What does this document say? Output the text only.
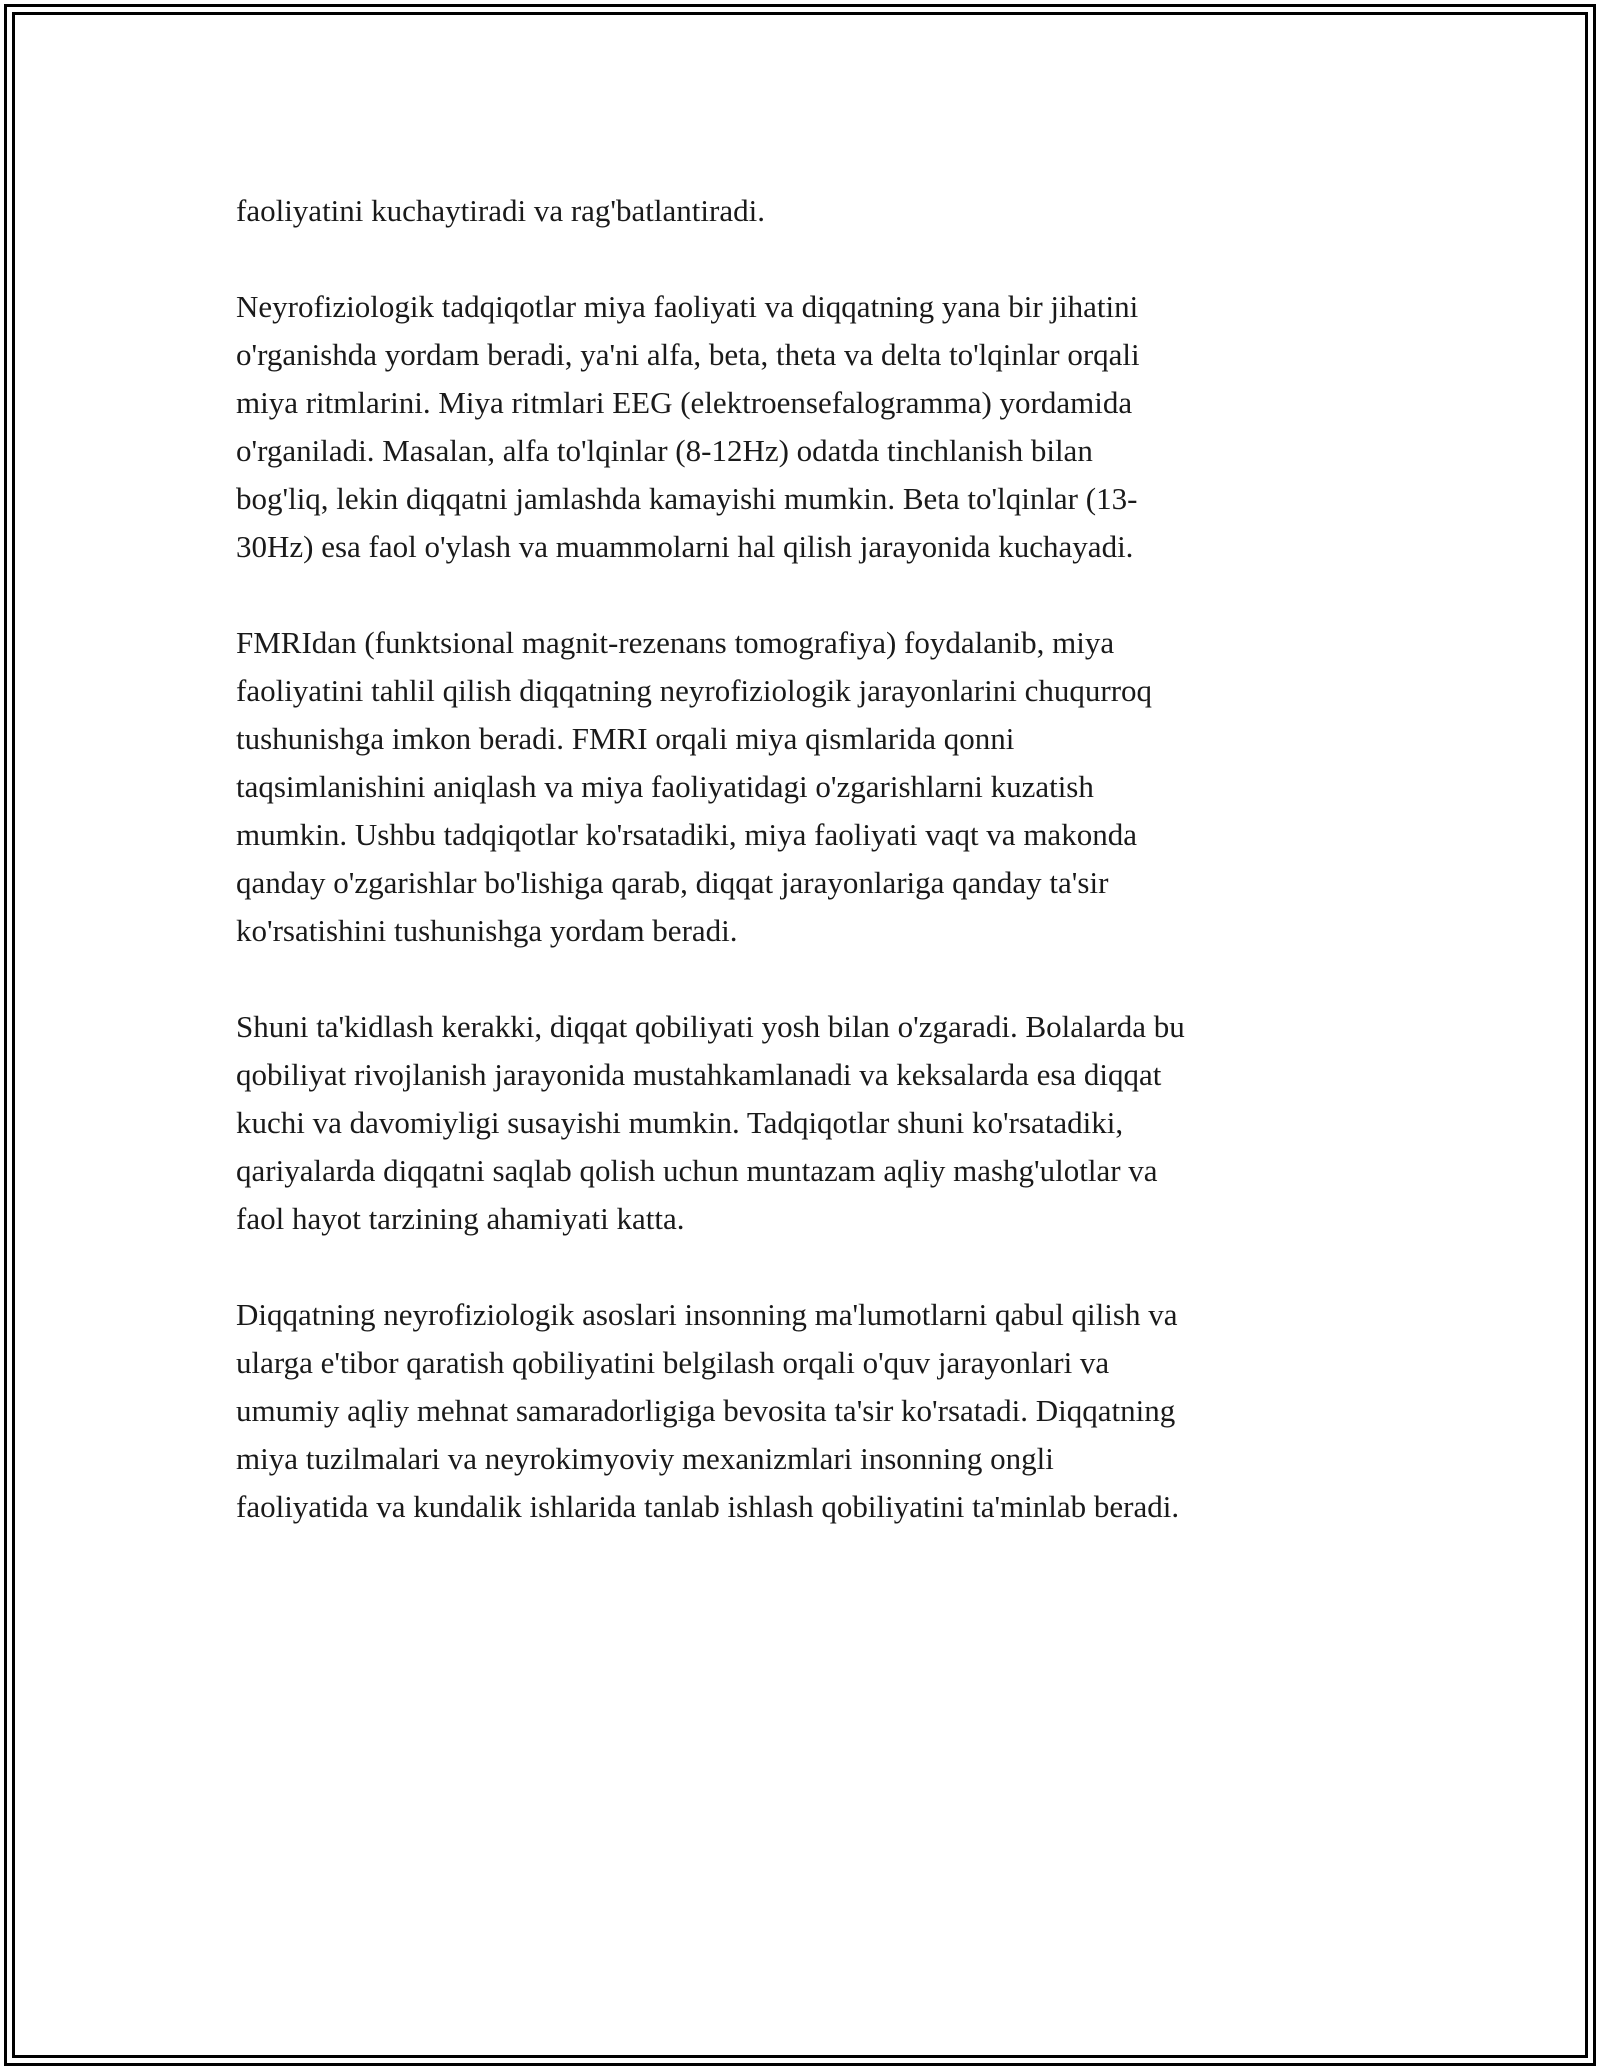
faoliyatini kuchaytiradi va rag'batlantiradi.

Neyrofiziologik tadqiqotlar miya faoliyati va diqqatning yana bir jihatini
o'rganishda yordam beradi, ya'ni alfa, beta, theta va delta to'lqinlar orqali
miya ritmlarini. Miya ritmlari EEG (elektroensefalogramma) yordamida
o'rganiladi. Masalan, alfa to'lqinlar (8-12Hz) odatda tinchlanish bilan
bog'liq, lekin diqqatni jamlashda kamayishi mumkin. Beta to'lqinlar (13-
30Hz) esa faol o'ylash va muammolarni hal qilish jarayonida kuchayadi.

FMRIdan (funktsional magnit-rezenans tomografiya) foydalanib, miya
faoliyatini tahlil qilish diqqatning neyrofiziologik jarayonlarini chuqurroq
tushunishga imkon beradi. FMRI orqali miya qismlarida qonni
taqsimlanishini aniqlash va miya faoliyatidagi o'zgarishlarni kuzatish
mumkin. Ushbu tadqiqotlar ko'rsatadiki, miya faoliyati vaqt va makonda
qanday o'zgarishlar bo'lishiga qarab, diqqat jarayonlariga qanday ta'sir
ko'rsatishini tushunishga yordam beradi.

Shuni ta'kidlash kerakki, diqqat qobiliyati yosh bilan o'zgaradi. Bolalarda bu
qobiliyat rivojlanish jarayonida mustahkamlanadi va keksalarda esa diqqat
kuchi va davomiyligi susayishi mumkin. Tadqiqotlar shuni ko'rsatadiki,
qariyalarda diqqatni saqlab qolish uchun muntazam aqliy mashg'ulotlar va
faol hayot tarzining ahamiyati katta.

Diqqatning neyrofiziologik asoslari insonning ma'lumotlarni qabul qilish va
ularga e'tibor qaratish qobiliyatini belgilash orqali o'quv jarayonlari va
umumiy aqliy mehnat samaradorligiga bevosita ta'sir ko'rsatadi. Diqqatning
miya tuzilmalari va neyrokimyoviy mexanizmlari insonning ongli
faoliyatida va kundalik ishlarida tanlab ishlash qobiliyatini ta'minlab beradi.
